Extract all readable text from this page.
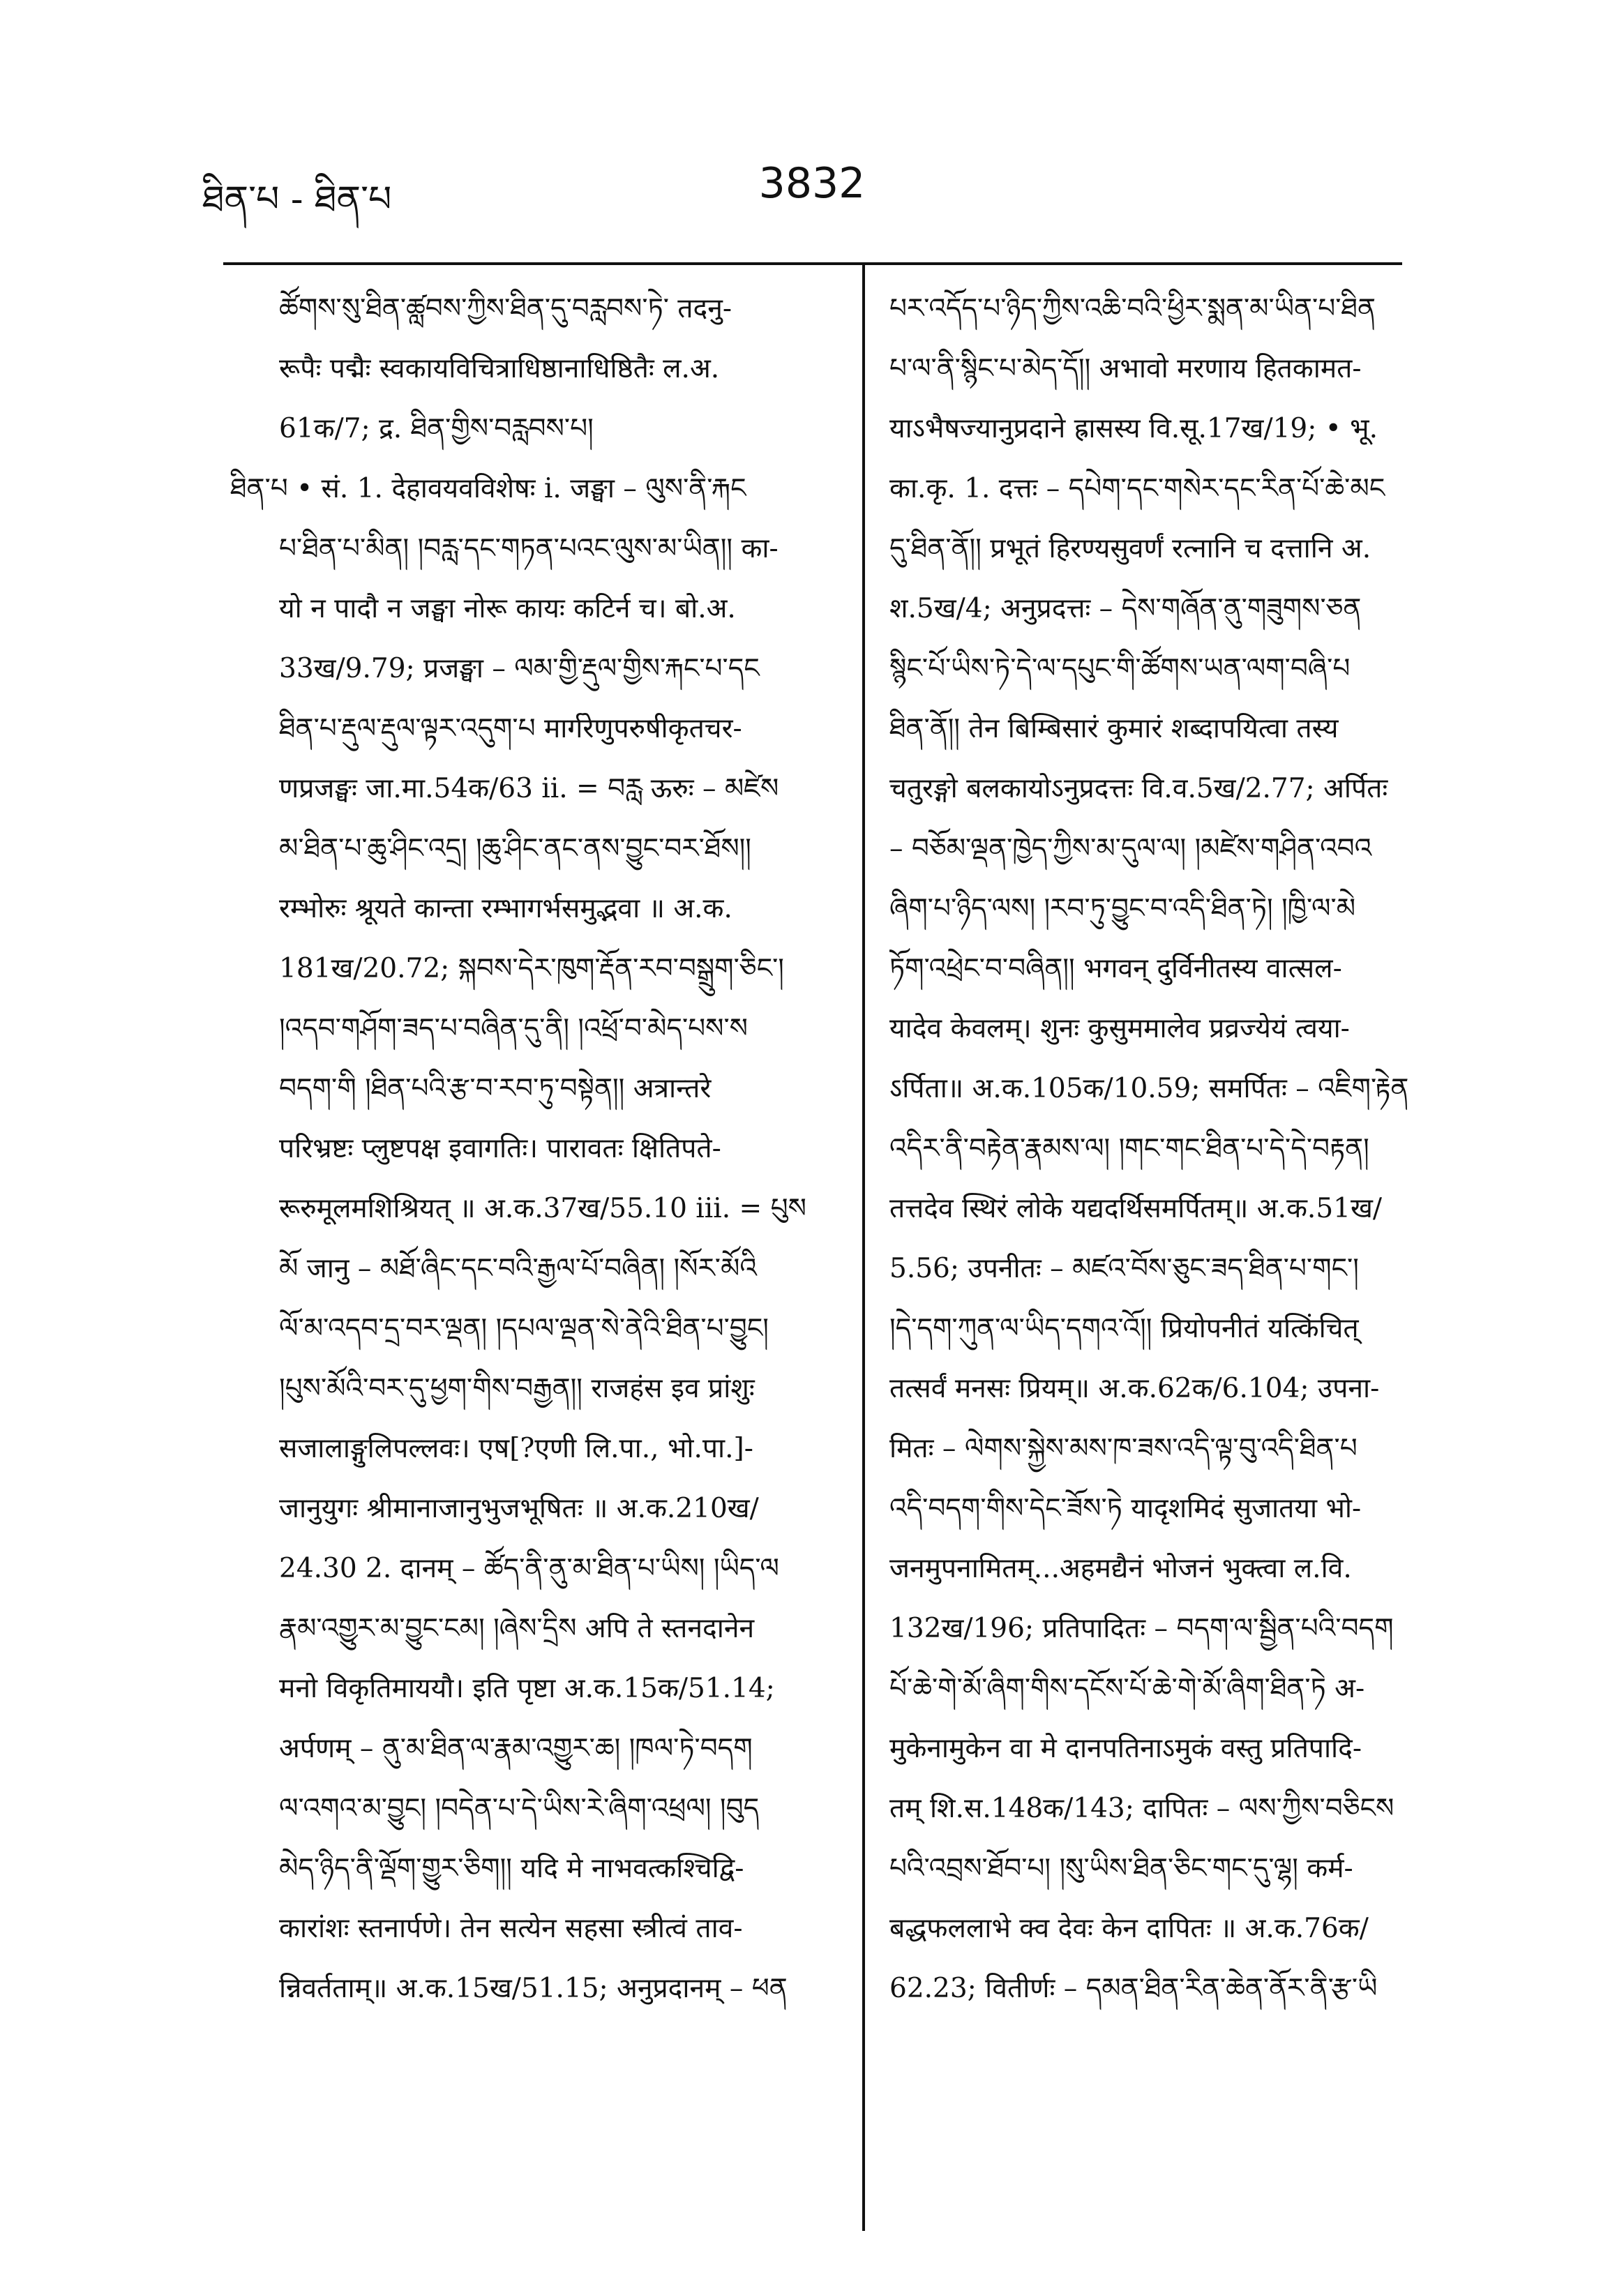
ཐིན་པ - ཐིན་པ	3832
ཚོགས་སུ་ཐིན་ཚླབས་ཀྱིས་ཐིན་དུ་བརླབས་ཏེ་ तदनु-
रूपैः पद्मैः स्वकायविचित्राधिष्ठानाधिष्ठितैः ल.अ.
61क/7; द्र. ཐིན་གྱིས་བརླབས་པ།
ཐིན་པ • सं. 1. देहावयवविशेषः i. जङ्घा – ལུས་ནི་རྐང
པ་ཐིན་པ་མིན། །བརླ་དང་གཏན་པའང་ལུས་མ་ཡིན།། का-
यो न पादौ न जङ्घा नोरू कायः कटिर्न च। बो.अ.
33ख/9.79; प्रजङ्घा – ལམ་གྱི་རྡུལ་གྱིས་རྐང་པ་དང
ཐིན་པ་རྡུལ་རྡུལ་ལྟར་འདུག་པ मार्गरेणुपरुषीकृतचर-
णप्रजङ्घः जा.मा.54क/63 ii. = བརླ ऊरुः – མཛེས
མ་ཐིན་པ་ཆུ་ཤིང་འདྲ། །ཆུ་ཤིང་ནང་ནས་བྱུང་བར་ཐོས།།
रम्भोरुः श्रूयते कान्ता रम्भागर्भसमुद्भवा ॥ अ.क.
181ख/20.72; སྐབས་དེར་ཁུག་རྡོན་རབ་བསྒྲུག་ཅིང་།
།འདབ་གཤོག་ཟད་པ་བཞིན་དུ་ནི། །འཕྲོ་བ་མེད་པས་ས
བདག་གི །ཐིན་པའི་རྩ་བ་རབ་ཏུ་བསྟེན།། अत्रान्तरे
परिभ्रष्टः प्लुष्टपक्ष इवागतिः। पारावतः क्षितिपते-
रूरुमूलमशिश्रियत् ॥ अ.क.37ख/55.10 iii. = པུས
མོ जानु – མཐོ་ཞིང་དང་བའི་རྒྱལ་པོ་བཞིན། །སོར་མོའི
ལོ་མ་འདབ་དྲ་བར་ལྡན། །དཔལ་ལྡན་སེ་ནེའི་ཐིན་པ་བྱུང།
།པུས་མོའི་བར་དུ་ཕྱག་གིས་བརྒྱན།། राजहंस इव प्रांशुः
सजालाङ्गुलिपल्लवः। एष[?एणी लि.पा., भो.पा.]-
जानुयुगः श्रीमानाजानुभुजभूषितः ॥ अ.क.210ख/
24.30 2. दानम् – ཚོད་ནི་ནུ་མ་ཐིན་པ་ཡིས། །ཡིད་ལ
རྣམ་འགྱུར་མ་བྱུང་ངམ། །ཞེས་དྲིས अपि ते स्तनदानेन
मनो विकृतिमाययौ। इति पृष्टा अ.क.15क/51.14;
अर्पणम् – ནུ་མ་ཐིན་ལ་རྣམ་འགྱུར་ཆ། །ཁལ་ཏེ་བདག
ལ་འགའ་མ་བྱུང། །བདེན་པ་དེ་ཡིས་རེ་ཞིག་འཕྲལ། །བུད
མེད་ཉིད་ནི་ལྡོག་གྱུར་ཅིག།། यदि मे नाभवत्कश्चिद्वि-
कारांशः स्तनार्पणे। तेन सत्येन सहसा स्त्रीत्वं ताव-
न्निवर्तताम्॥ अ.क.15ख/51.15; अनुप्रदानम् – ཕན
པར་འདོད་པ་ཉིད་ཀྱིས་འཆི་བའི་ཕྱིར་སྨན་མ་ཡིན་པ་ཐིན
པ་ལ་ནི་སྙིང་པ་མེད་དོ།། अभावो मरणाय हितकामत-
याऽभैषज्यानुप्रदाने ह्रासस्य वि.सू.17ख/19; • भू.
का.कृ. 1. दत्तः – དཔེག་དང་གསེར་དང་རིན་པོ་ཆེ་མང
དུ་ཐིན་ནོ།། प्रभूतं हिरण्यसुवर्णं रत्नानि च दत्तानि अ.
श.5ख/4; अनुप्रदत्तः – དེས་གཞོན་ནུ་གཟུགས་ཅན
སྙིང་པོ་ཡིས་ཏེ་དེ་ལ་དཔུང་གི་ཚོགས་ཡན་ལག་བཞི་པ
ཐིན་ནོ།། तेन बिम्बिसारं कुमारं शब्दापयित्वा तस्य
चतुरङ्गो बलकायोऽनुप्रदत्तः वि.व.5ख/2.77; अर्पितः
– བཅོམ་ལྡན་ཁྱེད་ཀྱིས་མ་དུལ་ལ། །མཛེས་གཤིན་འབའ
ཞིག་པ་ཉིད་ལས། །རབ་ཏུ་བྱུང་བ་འདི་ཐིན་ཏེ། །ཁྱི་ལ་མེ
ཏོག་འཕྲེང་བ་བཞིན།། भगवन् दुर्विनीतस्य वात्सल-
यादेव केवलम्। शुनः कुसुममालेव प्रव्रज्येयं त्वया-
ऽर्पिता॥ अ.क.105क/10.59; समर्पितः – འཇིག་རྟེན
འདིར་ནི་བརྟེན་རྣམས་ལ། །གང་གང་ཐིན་པ་དེ་དེ་བརྟན།
तत्तदेव स्थिरं लोके यद्यदर्थिसमर्पितम्॥ अ.क.51ख/
5.56; उपनीतः – མཛའ་བོས་ཅུང་ཟད་ཐིན་པ་གང་།
།དེ་དག་ཀུན་ལ་ཡིད་དགའ་འོ།། प्रियोपनीतं यत्किंचित्
तत्सर्वं मनसः प्रियम्॥ अ.क.62क/6.104; उपना-
मितः – ལེགས་སྐྱེས་མས་ཁ་ཟས་འདི་ལྟ་བུ་འདི་ཐིན་པ
འདི་བདག་གིས་དེང་ཟོས་ཏེ यादृशमिदं सुजातया भो-
जनमुपनामितम्...अहमद्यैनं भोजनं भुक्त्वा ल.वि.
132ख/196; प्रतिपादितः – བདག་ལ་སྦྱིན་པའི་བདག
པོ་ཆེ་གེ་མོ་ཞིག་གིས་དངོས་པོ་ཆེ་གེ་མོ་ཞིག་ཐིན་ཏེ अ-
मुकेनामुकेन वा मे दानपतिनाऽमुकं वस्तु प्रतिपादि-
तम् शि.स.148क/143; दापितः – ལས་ཀྱིས་བཅིངས
པའི་འབྲས་ཐོབ་པ། །སུ་ཡིས་ཐིན་ཅིང་གང་དུ་ལྷ། कर्म-
बद्धफललाभे क्व देवः केन दापितः ॥ अ.क.76क/
62.23; वितीर्णः – དམན་ཐིན་རིན་ཆེན་ནོར་ནི་རྩ་ཡི
